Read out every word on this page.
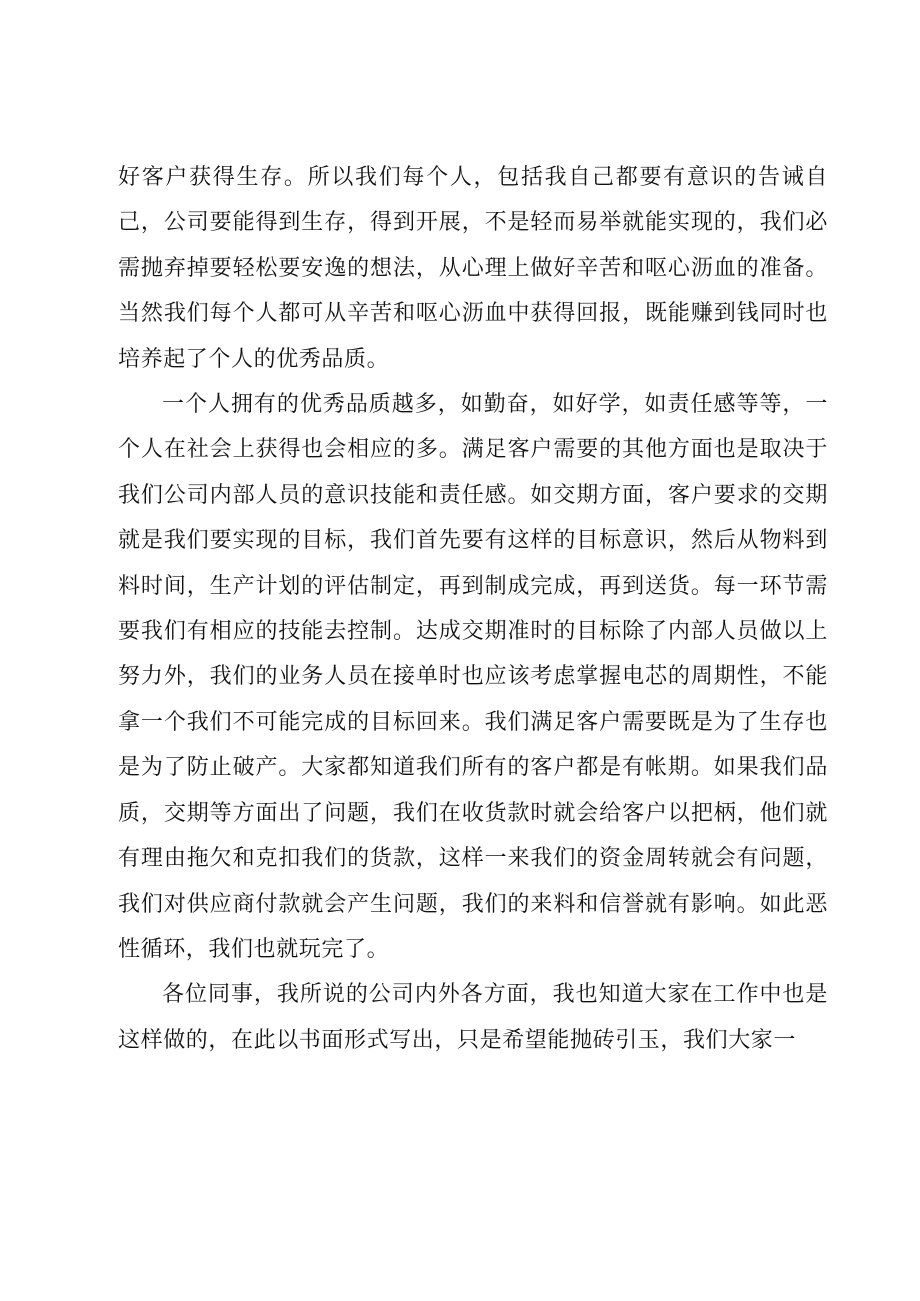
好客户获得生存。所以我们每个人，包括我自己都要有意识的告诫自己，公司要能得到生存，得到开展，不是轻而易举就能实现的，我们必需抛弃掉要轻松要安逸的想法，从心理上做好辛苦和呕心沥血的准备。当然我们每个人都可从辛苦和呕心沥血中获得回报，既能赚到钱同时也培养起了个人的优秀品质。

一个人拥有的优秀品质越多，如勤奋，如好学，如责任感等等，一个人在社会上获得也会相应的多。满足客户需要的其他方面也是取决于我们公司内部人员的意识技能和责任感。如交期方面，客户要求的交期就是我们要实现的目标，我们首先要有这样的目标意识，然后从物料到料时间，生产计划的评估制定，再到制成完成，再到送货。每一环节需要我们有相应的技能去控制。达成交期准时的目标除了内部人员做以上努力外，我们的业务人员在接单时也应该考虑掌握电芯的周期性，不能拿一个我们不可能完成的目标回来。我们满足客户需要既是为了生存也是为了防止破产。大家都知道我们所有的客户都是有帐期。如果我们品质，交期等方面出了问题，我们在收货款时就会给客户以把柄，他们就有理由拖欠和克扣我们的货款，这样一来我们的资金周转就会有问题，我们对供应商付款就会产生问题，我们的来料和信誉就有影响。如此恶性循环，我们也就玩完了。

各位同事，我所说的公司内外各方面，我也知道大家在工作中也是这样做的，在此以书面形式写出，只是希望能抛砖引玉，我们大家一
